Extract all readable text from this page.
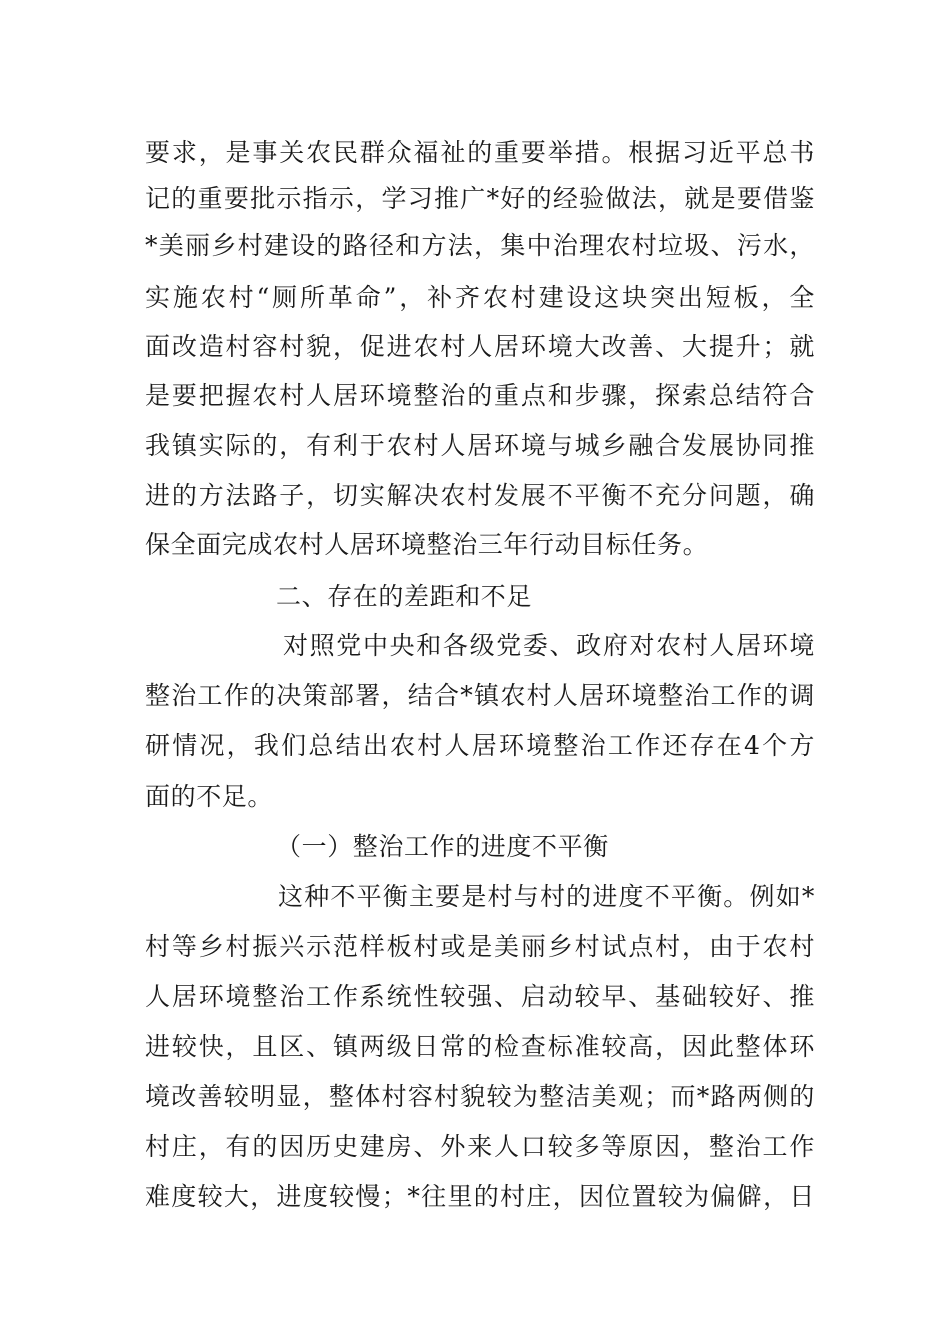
要求，是事关农民群众福祉的重要举措。根据习近平总书
记的重要批示指示，学习推广*好的经验做法，就是要借鉴
*美丽乡村建设的路径和方法，集中治理农村垃圾、污水，
实施农村“厕所革命”，补齐农村建设这块突出短板，全
面改造村容村貌，促进农村人居环境大改善、大提升；就
是要把握农村人居环境整治的重点和步骤，探索总结符合
我镇实际的，有利于农村人居环境与城乡融合发展协同推
进的方法路子，切实解决农村发展不平衡不充分问题，确
保全面完成农村人居环境整治三年行动目标任务。
二、存在的差距和不足
对照党中央和各级党委、政府对农村人居环境
整治工作的决策部署，结合*镇农村人居环境整治工作的调
研情况，我们总结出农村人居环境整治工作还存在4个方
面的不足。
（一）整治工作的进度不平衡
这种不平衡主要是村与村的进度不平衡。例如*
村等乡村振兴示范样板村或是美丽乡村试点村，由于农村
人居环境整治工作系统性较强、启动较早、基础较好、推
进较快，且区、镇两级日常的检查标准较高，因此整体环
境改善较明显，整体村容村貌较为整洁美观；而*路两侧的
村庄，有的因历史建房、外来人口较多等原因，整治工作
难度较大，进度较慢；*往里的村庄，因位置较为偏僻，日
